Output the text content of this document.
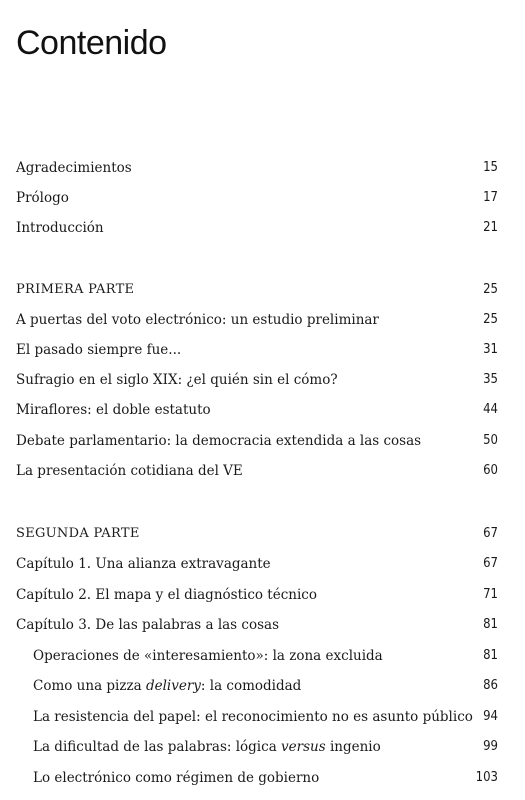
Contenido
Agradecimientos	15
Prólogo	17
Introducción	21
PRIMERA PARTE	25
A puertas del voto electrónico: un estudio preliminar	25
El pasado siempre fue...	31
Sufragio en el siglo XIX: ¿el quién sin el cómo?	35
Miraflores: el doble estatuto	44
Debate parlamentario: la democracia extendida a las cosas	50
La presentación cotidiana del VE	60
SEGUNDA PARTE	67
Capítulo 1. Una alianza extravagante	67
Capítulo 2. El mapa y el diagnóstico técnico	71
Capítulo 3. De las palabras a las cosas	81
Operaciones de «interesamiento»: la zona excluida	81
Como una pizza delivery: la comodidad	86
La resistencia del papel: el reconocimiento no es asunto público 94
La dificultad de las palabras: lógica versus ingenio	99
Lo electrónico como régimen de gobierno	103
